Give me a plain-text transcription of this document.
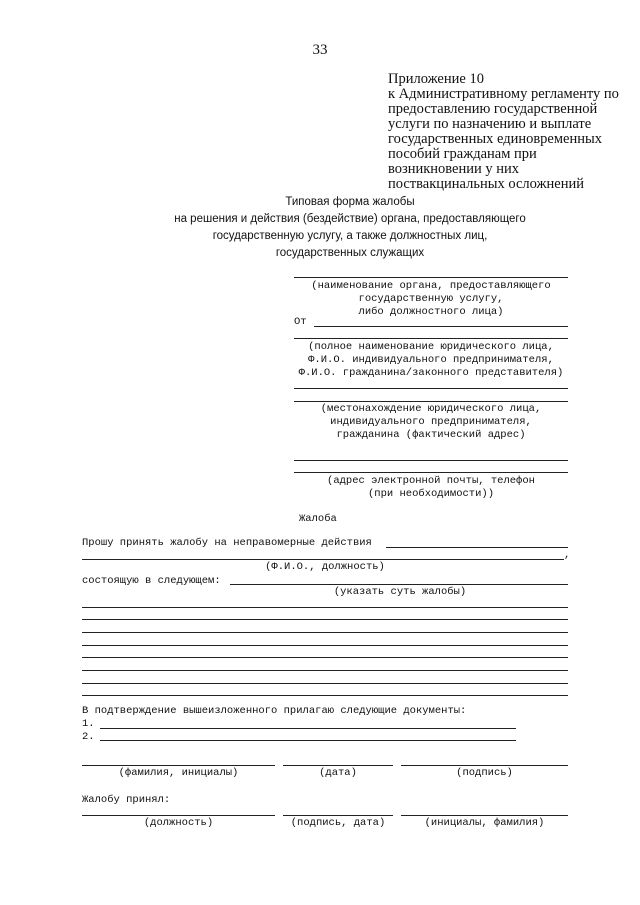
33
Приложение 10
к Административному регламенту по
предоставлению государственной
услуги по назначению и выплате
государственных единовременных
пособий гражданам при
возникновении у них
поствакцинальных осложнений
Типовая форма жалобы
на решения и действия (бездействие) органа, предоставляющего
государственную услугу, а также должностных лиц,
государственных служащих
(наименование органа, предоставляющего
государственную услугу,
либо должностного лица)
От
(полное наименование юридического лица,
Ф.И.О. индивидуального предпринимателя,
Ф.И.О. гражданина/законного представителя)
(местонахождение юридического лица,
индивидуального предпринимателя,
гражданина (фактический адрес)
(адрес электронной почты, телефон
(при необходимости))
Жалоба
Прошу принять жалобу на неправомерные действия
,
(Ф.И.О., должность)
состоящую в следующем:
(указать суть жалобы)
В подтверждение вышеизложенного прилагаю следующие документы:
1.
2.
(фамилия, инициалы)	(дата)	(подпись)
Жалобу принял:
(должность)	(подпись, дата)	(инициалы, фамилия)
